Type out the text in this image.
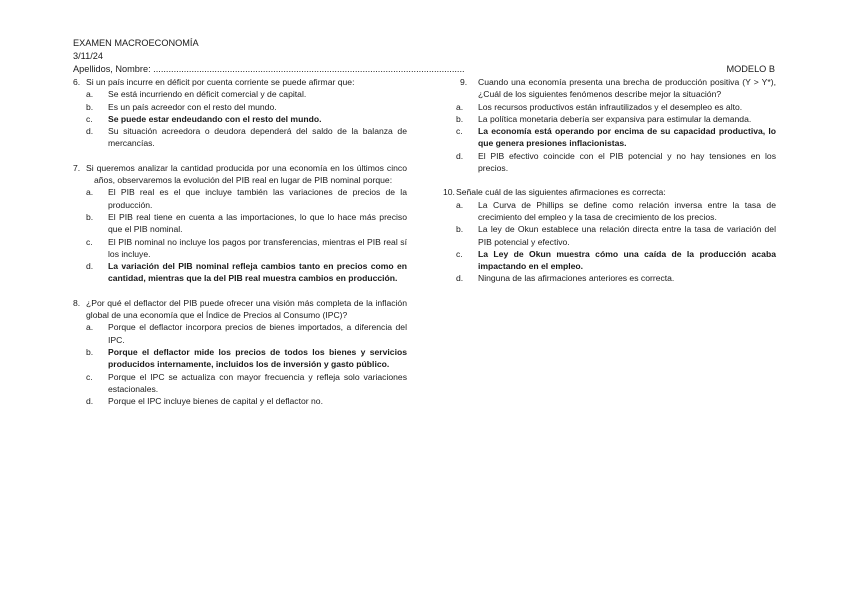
EXAMEN MACROECONOMÍA
3/11/24
Apellidos, Nombre: ..........................................................................................................................	MODELO B
6. Si un país incurre en déficit por cuenta corriente se puede afirmar que:
a.	Se está incurriendo en déficit comercial y de capital.
b.	Es un país acreedor con el resto del mundo.
c.	Se puede estar endeudando con el resto del mundo.
d.	Su situación acreedora o deudora dependerá del saldo de la balanza de mercancías.
7. Si queremos analizar la cantidad producida por una economía en los últimos cinco años, observaremos la evolución del PIB real en lugar de PIB nominal porque:
a.	El PIB real es el que incluye también las variaciones de precios de la producción.
b.	El PIB real tiene en cuenta a las importaciones, lo que lo hace más preciso que el PIB nominal.
c.	El PIB nominal no incluye los pagos por transferencias, mientras el PIB real sí los incluye.
d.	La variación del PIB nominal refleja cambios tanto en precios como en cantidad, mientras que la del PIB real muestra cambios en producción.
8. ¿Por qué el deflactor del PIB puede ofrecer una visión más completa de la inflación global de una economía que el Índice de Precios al Consumo (IPC)?
a.	Porque el deflactor incorpora precios de bienes importados, a diferencia del IPC.
b.	Porque el deflactor mide los precios de todos los bienes y servicios producidos internamente, incluidos los de inversión y gasto público.
c.	Porque el IPC se actualiza con mayor frecuencia y refleja solo variaciones estacionales.
d.	Porque el IPC incluye bienes de capital y el deflactor no.
9.	Cuando una economía presenta una brecha de producción positiva (Y > Y*), ¿Cuál de los siguientes fenómenos describe mejor la situación?
a.	Los recursos productivos están infrautilizados y el desempleo es alto.
b.	La política monetaria debería ser expansiva para estimular la demanda.
c.	La economía está operando por encima de su capacidad productiva, lo que genera presiones inflacionistas.
d.	El PIB efectivo coincide con el PIB potencial y no hay tensiones en los precios.
10. Señale cuál de las siguientes afirmaciones es correcta:
a.	La Curva de Phillips se define como relación inversa entre la tasa de crecimiento del empleo y la tasa de crecimiento de los precios.
b.	La ley de Okun establece una relación directa entre la tasa de variación del PIB potencial y efectivo.
c.	La Ley de Okun muestra cómo una caída de la producción acaba impactando en el empleo.
d.	Ninguna de las afirmaciones anteriores es correcta.
